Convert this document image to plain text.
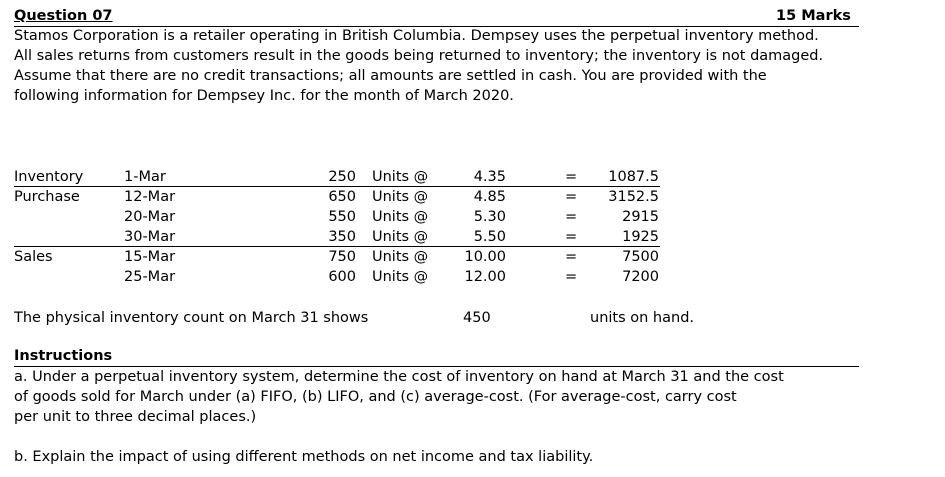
Question 07	15 Marks

Stamos Corporation is a retailer operating in British Columbia. Dempsey uses the perpetual inventory method.

All sales returns from customers result in the goods being returned to inventory; the inventory is not damaged.

Assume that there are no credit transactions; all amounts are settled in cash. You are provided with the

following information for Dempsey Inc. for the month of March 2020.

Inventory	1-Mar	250 Units @	4.35	=	1087.5
Purchase	12-Mar	650 Units @	4.85	=	3152.5
20-Mar	550 Units @	5.30	=	2915
30-Mar	350 Units @	5.50	=	1925
Sales	15-Mar	750 Units @	10.00	=	7500
25-Mar	600 Units @	12.00	=	7200
The physical inventory count on March 31 shows	450	units on hand.
Instructions

a. Under a perpetual inventory system, determine the cost of inventory on hand at March 31 and the cost

of goods sold for March under (a) FIFO, (b) LIFO, and (c) average-cost. (For average-cost, carry cost

per unit to three decimal places.)

b. Explain the impact of using different methods on net income and tax liability.
